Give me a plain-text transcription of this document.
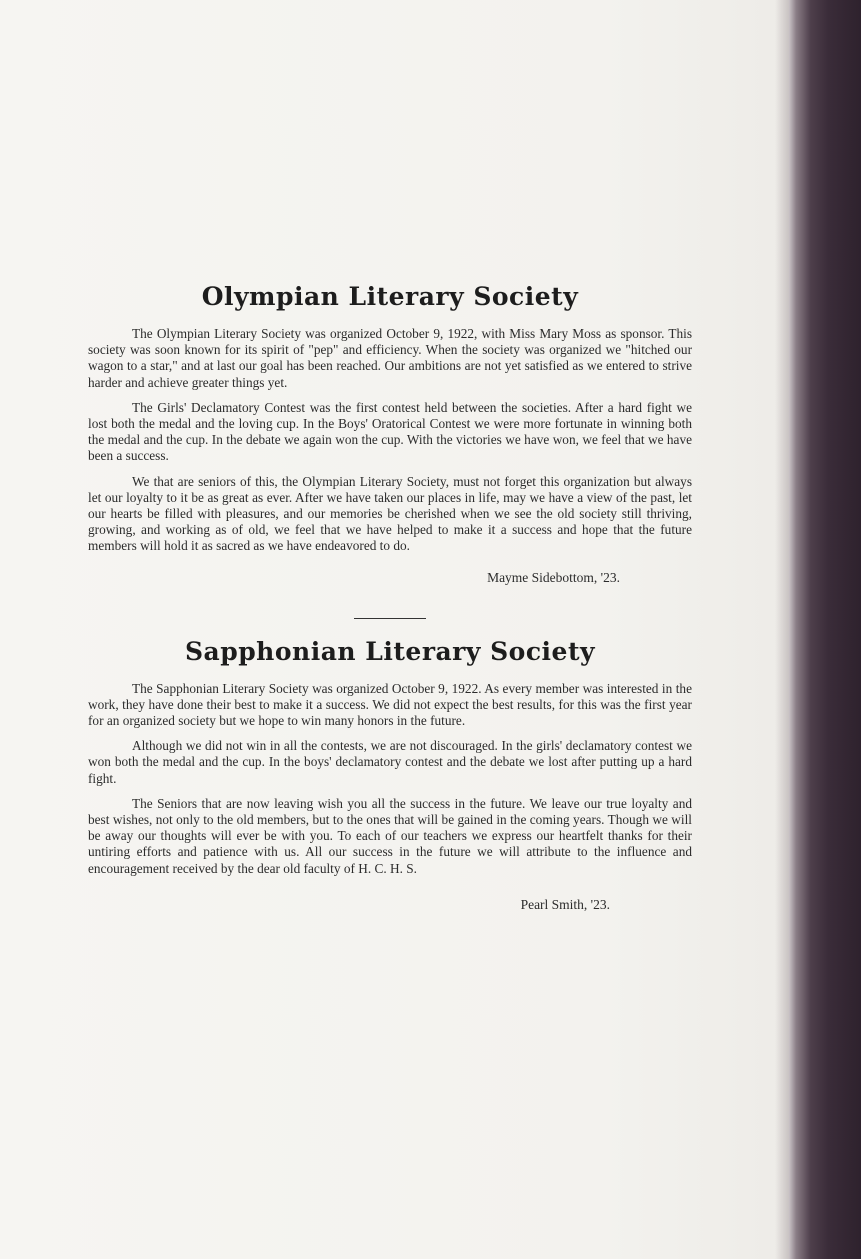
Olympian Literary Society

The Olympian Literary Society was organized October 9, 1922, with Miss Mary Moss as sponsor. This society was soon known for its spirit of "pep" and efficiency. When the society was organized we "hitched our wagon to a star," and at last our goal has been reached. Our ambitions are not yet satisfied as we entered to strive harder and achieve greater things yet.

The Girls' Declamatory Contest was the first contest held between the societies. After a hard fight we lost both the medal and the loving cup. In the Boys' Oratorical Contest we were more fortunate in winning both the medal and the cup. In the debate we again won the cup. With the victories we have won, we feel that we have been a success.

We that are seniors of this, the Olympian Literary Society, must not forget this organization but always let our loyalty to it be as great as ever. After we have taken our places in life, may we have a view of the past, let our hearts be filled with pleasures, and our memories be cherished when we see the old society still thriving, growing, and working as of old, we feel that we have helped to make it a success and hope that the future members will hold it as sacred as we have endeavored to do.

Mayme Sidebottom, '23.

Sapphonian Literary Society

The Sapphonian Literary Society was organized October 9, 1922. As every member was interested in the work, they have done their best to make it a success. We did not expect the best results, for this was the first year for an organized society but we hope to win many honors in the future.

Although we did not win in all the contests, we are not discouraged. In the girls' declamatory contest we won both the medal and the cup. In the boys' declamatory contest and the debate we lost after putting up a hard fight.

The Seniors that are now leaving wish you all the success in the future. We leave our true loyalty and best wishes, not only to the old members, but to the ones that will be gained in the coming years. Though we will be away our thoughts will ever be with you. To each of our teachers we express our heartfelt thanks for their untiring efforts and patience with us. All our success in the future we will attribute to the influence and encouragement received by the dear old faculty of H. C. H. S.

Pearl Smith, '23.
